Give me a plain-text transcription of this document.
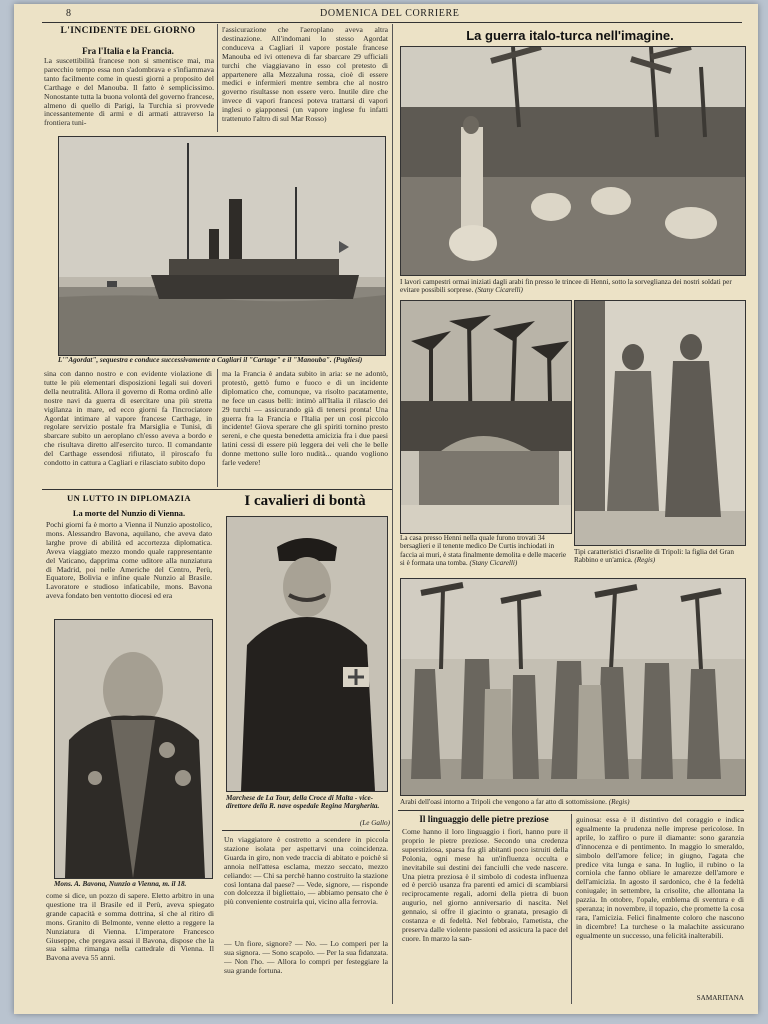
8	DOMENICA DEL CORRIERE
L'INCIDENTE DEL GIORNO
Fra l'Italia e la Francia.
La suscettibilità francese non si smentisce mai, ma parecchio tempo essa non s'adombrava e s'infiammava tanto facilmente come in questi giorni a proposito del Carthage e del Manouba. Il fatto è semplicissimo. Nonostante tutta la buona volontà del governo francese, almeno di quello di Parigi, la Turchia si provvede incessantemente di armi e di armati attraverso la frontiera tuni-
l'assicurazione che l'aeroplano aveva altra destinazione. All'indomani lo stesso Agordat conduceva a Cagliari il vapore postale francese Manouba ed ivi otteneva di far sbarcare 29 ufficiali turchi che viaggiavano in esso col pretesto di appartenere alla Mezzaluna rossa, cioè di essere medici e infermieri mentre sembra che al nostro governo risultasse non essere vero. Inutile dire che invece di vapori francesi poteva trattarsi di vapori inglesi o giapponesi (un vapore inglese fu infatti trattenuto l'altro di sul Mar Rosso)
L'"Agordat", sequestra e conduce successivamente a Cagliari il "Cartage" e il "Manouba". (Pugliesi)
sina con danno nostro e con evidente violazione di tutte le più elementari disposizioni legali sui doveri della neutralità. Allora il governo di Roma ordinò alle nostre navi da guerra di esercitare una più stretta vigilanza in mare, ed ecco giorni fa l'incrociatore Agordat intimare al vapore francese Carthage, in regolare servizio postale fra Marsiglia e Tunisi, di sbarcare subito un aeroplano ch'esso aveva a bordo e che risultava diretto all'esercito turco. Il comandante del Carthage essendosi rifiutato, il piroscafo fu condotto in cattura a Cagliari e rilasciato subito dopo
ma la Francia è andata subito in aria: se ne adontò, protestò, gettò fumo e fuoco e di un incidente diplomatico che, comunque, va risolto pacatamente, ne fece un casus belli: intimò all'Italia il rilascio dei 29 turchi — assicurando già di tenersi pronta! Una guerra fra la Francia e l'Italia per un così piccolo incidente! Giova sperare che gli spiriti tornino presto sereni, e che questa benedetta amicizia fra i due paesi latini cessi di essere più leggera dei veli che le belle donne mettono sulle loro nudità... quando vogliono farle vedere!
UN LUTTO IN DIPLOMAZIA
La morte del Nunzio di Vienna.
Pochi giorni fa è morto a Vienna il Nunzio apostolico, mons. Alessandro Bavona, aquilano, che aveva dato larghe prove di abilità ed accortezza diplomatica. Aveva viaggiato mezzo mondo quale rappresentante del Vaticano, dapprima come uditore alla nunziatura di Madrid, poi nelle Americhe del Centro, Perù, Equatore, Bolivia e infine quale Nunzio al Brasile. Lavoratore e studioso infaticabile, mons. Bavona aveva fondato ben ventotto diocesi ed era
Mons. A. Bavona, Nunzio a Vienna, m. il 18.
come si dice, un pozzo di sapere. Eletto arbitro in una questione tra il Brasile ed il Perù, aveva spiegato grande capacità e somma dottrina, sì che al ritiro di mons. Granito di Belmonte, venne eletto a reggere la Nunziatura di Vienna. L'imperatore Francesco Giuseppe, che pregava assai il Bavona, dispose che la sua salma rimanga nella cattedrale di Vienna. Il Bavona aveva 55 anni.
I cavalieri di bontà
Marchese de La Tour, della Croce di Malta - vice-direttore della R. nave ospedale Regina Margherita.
(Le Gallo)
Un viaggiatore è costretto a scendere in piccola stazione isolata per aspettarvi una coincidenza. Guarda in giro, non vede traccia di abitato e poichè si annoia nell'attesa esclama, mezzo seccato, mezzo celiando: — Chi sa perchè hanno costruito la stazione così lontana dal paese? — Vede, signore, — risponde con dolcezza il bigliettaio, — abbiamo pensato che è più conveniente costruirla qui, vicino alla ferrovia.
— Un fiore, signore? — No. — Lo comperi per la sua signora. — Sono scapolo. — Per la sua fidanzata. — Non l'ho. — Allora lo compri per festeggiare la sua grande fortuna.
La guerra italo-turca nell'imagine.
I lavori campestri ormai iniziati dagli arabi fin presso le trincee di Henni, sotto la sorveglianza dei nostri soldati per evitare possibili sorprese. (Stany Cicarelli)
La casa presso Henni nella quale furono trovati 34 bersaglieri e il tenente medico De Curtis inchiodati in faccia ai muri, è stata finalmente demolita e delle macerie si è formata una tomba. (Stany Cicarelli)
Tipi caratteristici d'israelite di Tripoli: la figlia del Gran Rabbino e un'amica. (Regis)
Arabi dell'oasi intorno a Tripoli che vengono a far atto di sottomissione. (Regis)
Il linguaggio delle pietre preziose
Come hanno il loro linguaggio i fiori, hanno pure il proprio le pietre preziose. Secondo una credenza superstiziosa, sparsa fra gli abitanti poco istruiti della Polonia, ogni mese ha un'influenza occulta e inevitabile sui destini dei fanciulli che vede nascere. Una pietra preziosa è il simbolo di codesta influenza ed è perciò usanza fra parenti ed amici di scambiarsi reciprocamente regali, adorni della pietra di buon augurio, nel giorno anniversario di nascita. Nel gennaio, si offre il giacinto o granata, presagio di costanza e di fedeltà. Nel febbraio, l'ametista, che preserva dalle violente passioni ed assicura la pace del cuore. In marzo la san-
guinosa: essa è il distintivo del coraggio e indica egualmente la prudenza nelle imprese pericolose. In aprile, lo zaffiro o pure il diamante: sono garanzia d'innocenza e di pentimento. In maggio lo smeraldo, simbolo dell'amore felice; in giugno, l'agata che predice vita lunga e sana. In luglio, il rubino o la corniola che fanno obliare le amarezze dell'amore e dell'amicizia. In agosto il sardonico, che è la fedeltà coniugale; in settembre, la crisolite, che allontana la pazzia. In ottobre, l'opale, emblema di sventura e di speranza; in novembre, il topazio, che promette la cosa rara, l'amicizia. Felici finalmente coloro che nascono in dicembre! La turchese o la malachite assicurano egualmente un successo, una felicità inalterabili.
SAMARITANA
